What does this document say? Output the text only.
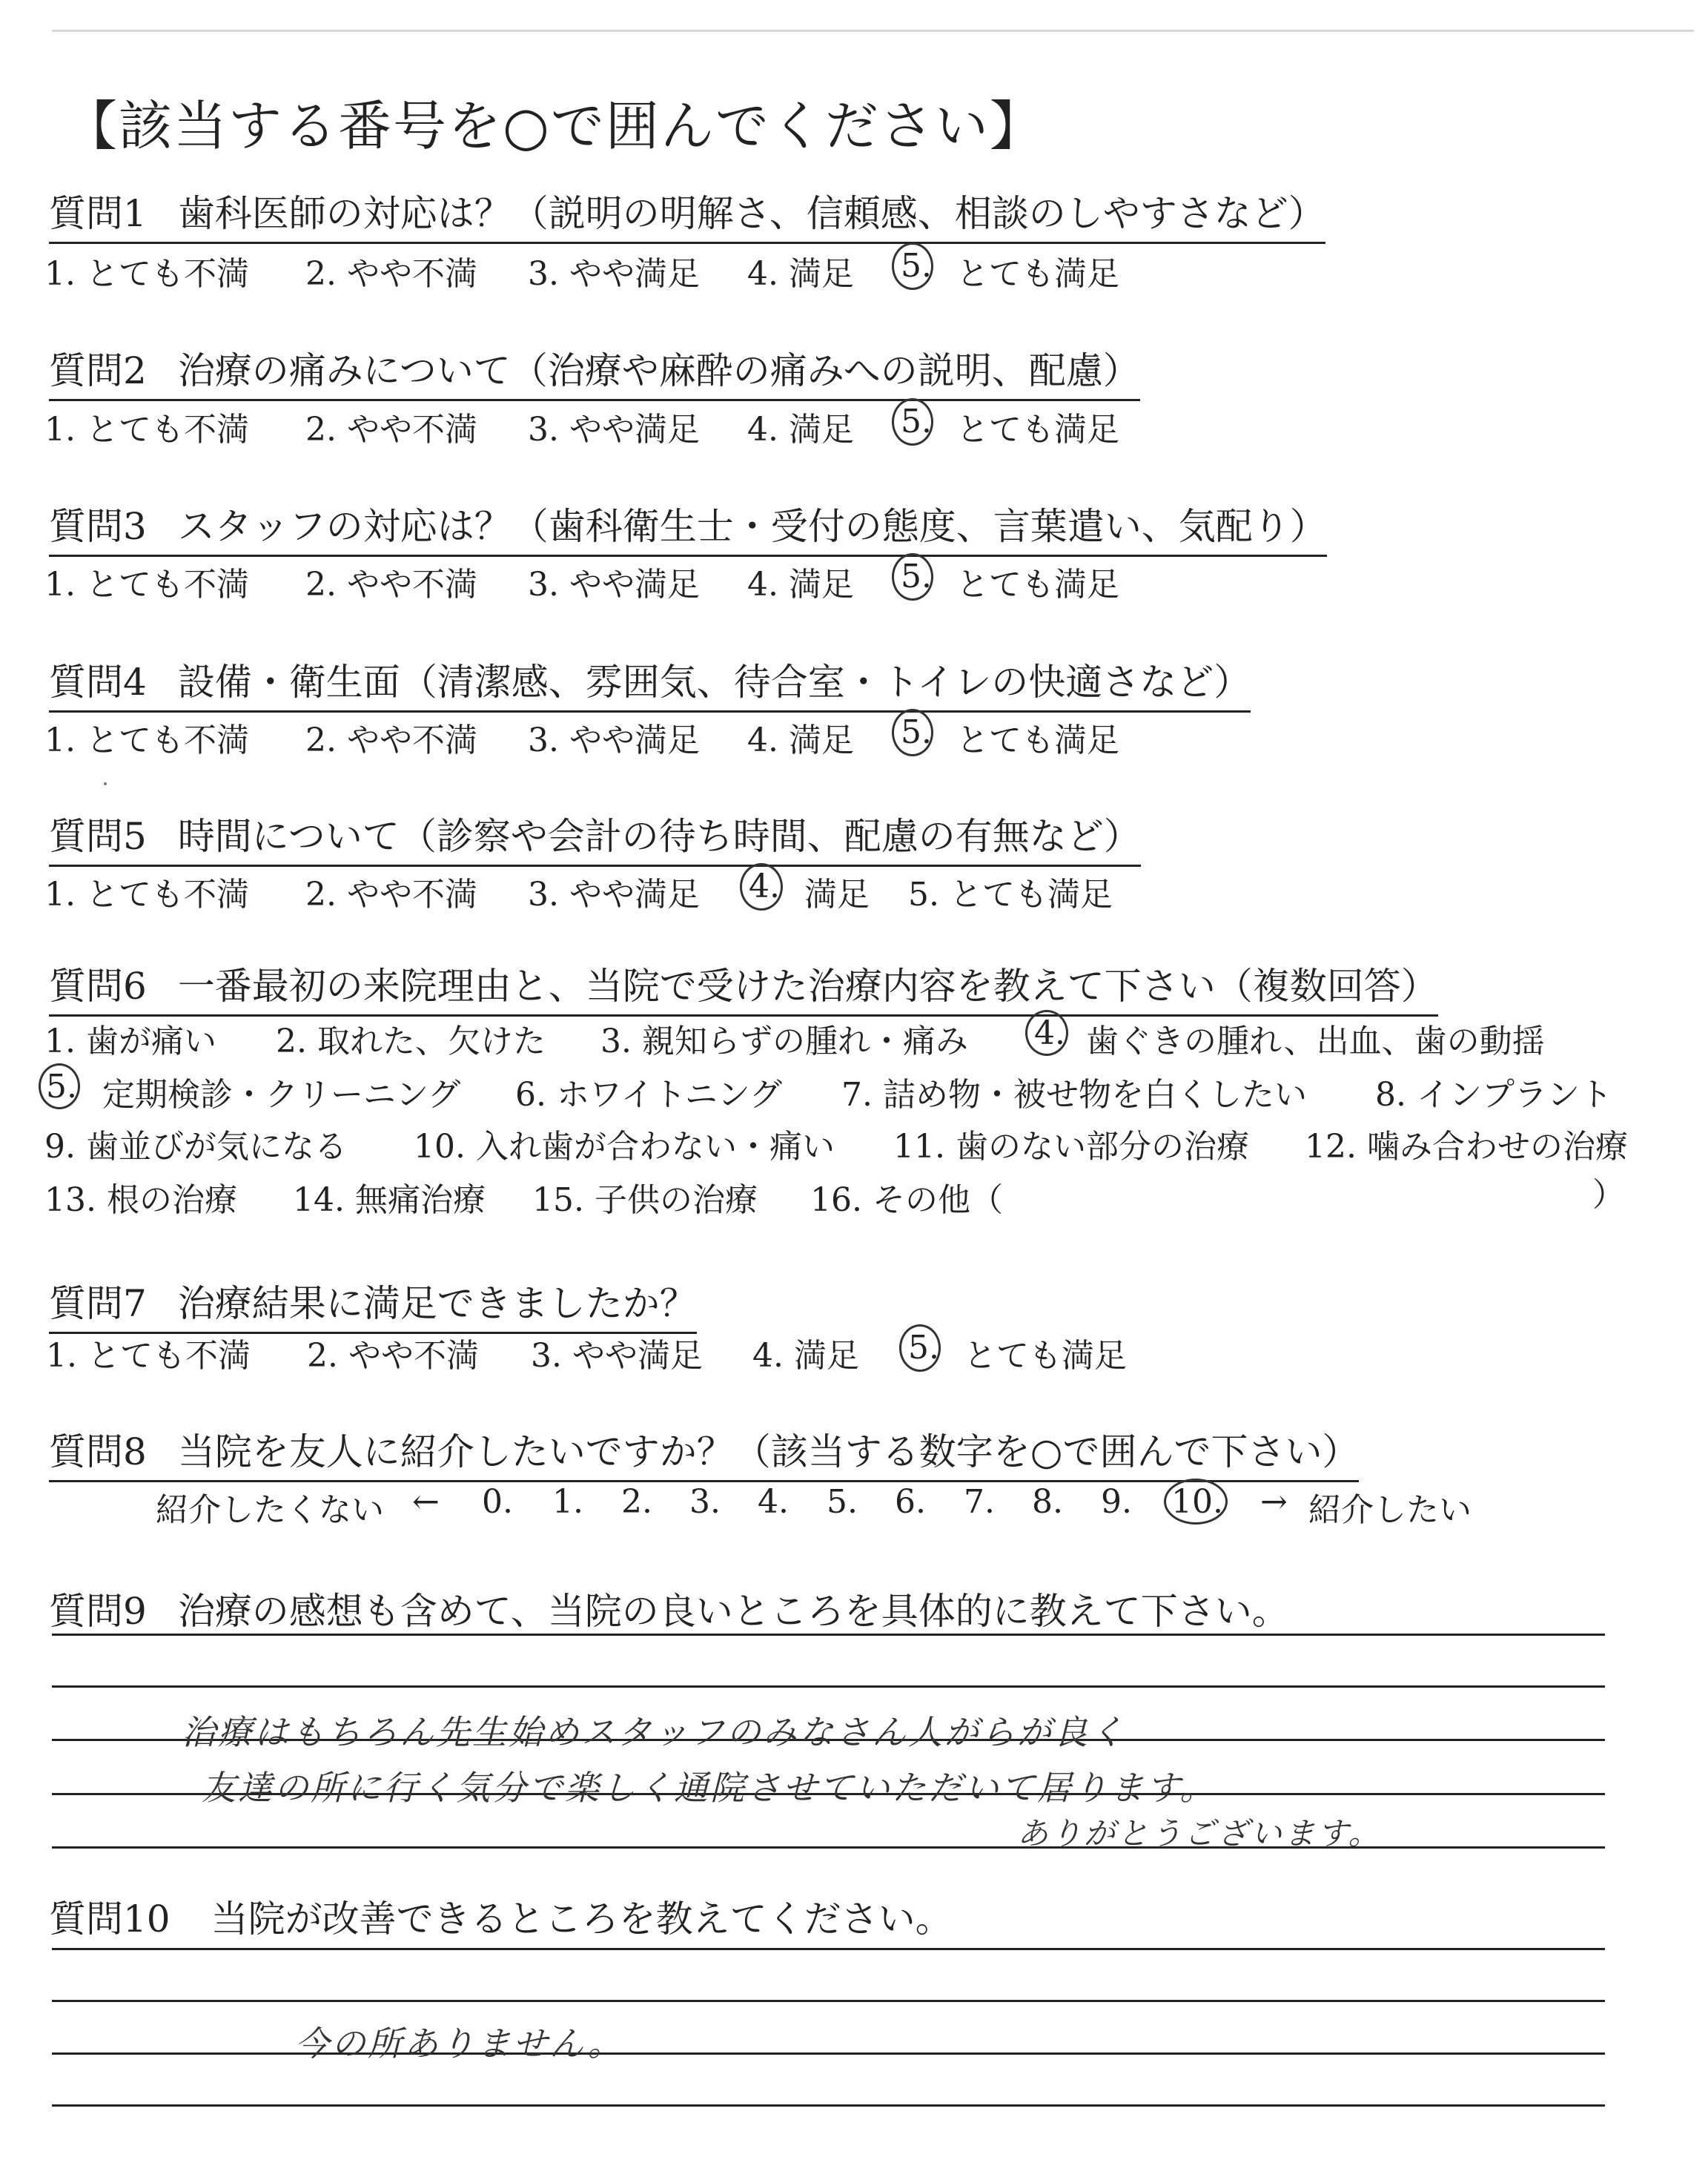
【該当する番号を○で囲んでください】
質問1 歯科医師の対応は？（説明の明解さ、信頼感、相談のしやすさなど）
1. とても不満 2. やや不満 3. やや満足 4. 満足 5. とても満足
質問2 治療の痛みについて（治療や麻酔の痛みへの説明、配慮）
1. とても不満 2. やや不満 3. やや満足 4. 満足 5. とても満足
質問3 スタッフの対応は？（歯科衛生士・受付の態度、言葉遣い、気配り）
1. とても不満 2. やや不満 3. やや満足 4. 満足 5. とても満足
質問4 設備・衛生面（清潔感、雰囲気、待合室・トイレの快適さなど）
1. とても不満 2. やや不満 3. やや満足 4. 満足 5. とても満足
質問5 時間について（診察や会計の待ち時間、配慮の有無など）
1. とても不満 2. やや不満 3. やや満足 4. 満足 5. とても満足
質問6 一番最初の来院理由と、当院で受けた治療内容を教えて下さい（複数回答）
1. 歯が痛い 2. 取れた、欠けた 3. 親知らずの腫れ・痛み 4. 歯ぐきの腫れ、出血、歯の動揺
5. 定期検診・クリーニング 6. ホワイトニング 7. 詰め物・被せ物を白くしたい 8. インプラント
9. 歯並びが気になる 10. 入れ歯が合わない・痛い 11. 歯のない部分の治療 12. 噛み合わせの治療
13. 根の治療 14. 無痛治療 15. 子供の治療 16. その他（	）
質問7 治療結果に満足できましたか？
1. とても不満 2. やや不満 3. やや満足 4. 満足 5. とても満足
質問8 当院を友人に紹介したいですか？（該当する数字を○で囲んで下さい）
紹介したくない ← 0. 1. 2. 3. 4. 5. 6. 7. 8. 9. 10. → 紹介したい
質問9 治療の感想も含めて、当院の良いところを具体的に教えて下さい。
治療はもちろん先生始めスタッフのみなさん人がらが良く
友達の所に行く気分で楽しく通院させていただいて居ります。
ありがとうございます。
質問10 当院が改善できるところを教えてください。
今の所ありません。
